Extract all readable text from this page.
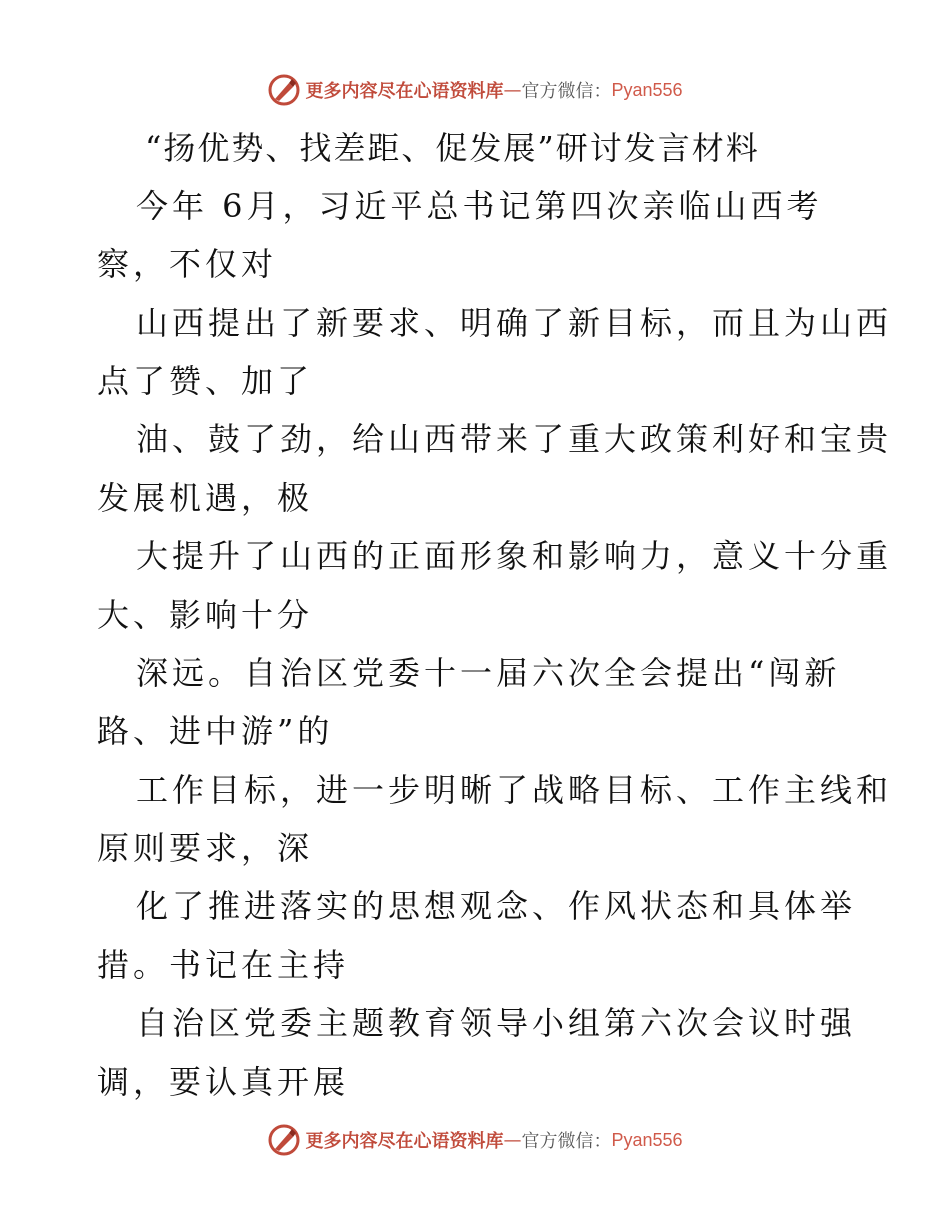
更多内容尽在心语资料库 — 官方微信： Pyan556
“扬优势、找差距、促发展”研讨发言材料
今年 6月，习近平总书记第四次亲临山西考
察，不仅对
山西提出了新要求、明确了新目标，而且为山西
点了赞、加了
油、鼓了劲，给山西带来了重大政策利好和宝贵
发展机遇，极
大提升了山西的正面形象和影响力，意义十分重
大、影响十分
深远。自治区党委十一届六次全会提出“闯新
路、进中游”的
工作目标，进一步明晰了战略目标、工作主线和
原则要求，深
化了推进落实的思想观念、作风状态和具体举
措。书记在主持
自治区党委主题教育领导小组第六次会议时强
调，要认真开展
更多内容尽在心语资料库 — 官方微信： Pyan556
